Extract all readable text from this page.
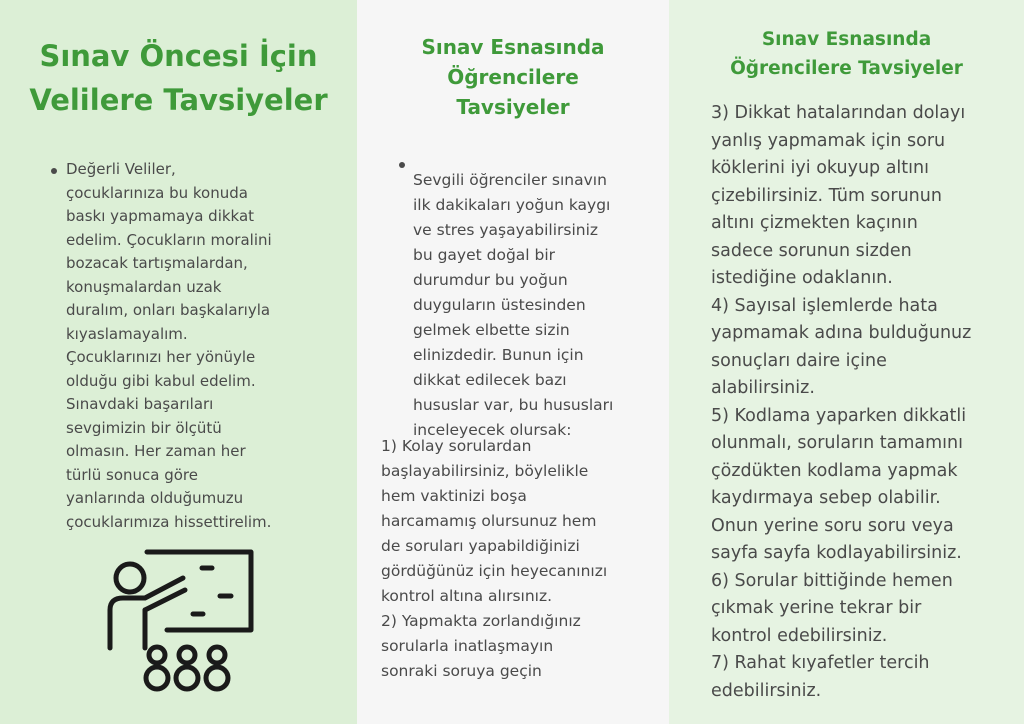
Sınav Öncesi İçin
Velilere Tavsiyeler

Değerli Veliler,
çocuklarınıza bu konuda
baskı yapmamaya dikkat
edelim. Çocukların moralini
bozacak tartışmalardan,
konuşmalardan uzak
duralım, onları başkalarıyla
kıyaslamayalım.
Çocuklarınızı her yönüyle
olduğu gibi kabul edelim.
Sınavdaki başarıları
sevgimizin bir ölçütü
olmasın. Her zaman her
türlü sonuca göre
yanlarında olduğumuzu
çocuklarımıza hissettirelim.

Sınav Esnasında
Öğrencilere
Tavsiyeler

Sevgili öğrenciler sınavın
ilk dakikaları yoğun kaygı
ve stres yaşayabilirsiniz
bu gayet doğal bir
durumdur bu yoğun
duyguların üstesinden
gelmek elbette sizin
elinizdedir. Bunun için
dikkat edilecek bazı
hususlar var, bu hususları
inceleyecek olursak:

1) Kolay sorulardan
başlayabilirsiniz, böylelikle
hem vaktinizi boşa
harcamamış olursunuz hem
de soruları yapabildiğinizi
gördüğünüz için heyecanınızı
kontrol altına alırsınız.
2) Yapmakta zorlandığınız
sorularla inatlaşmayın
sonraki soruya geçin

Sınav Esnasında
Öğrencilere Tavsiyeler

3) Dikkat hatalarından dolayı
yanlış yapmamak için soru
köklerini iyi okuyup altını
çizebilirsiniz. Tüm sorunun
altını çizmekten kaçının
sadece sorunun sizden
istediğine odaklanın.
4) Sayısal işlemlerde hata
yapmamak adına bulduğunuz
sonuçları daire içine
alabilirsiniz.
5) Kodlama yaparken dikkatli
olunmalı, soruların tamamını
çözdükten kodlama yapmak
kaydırmaya sebep olabilir.
Onun yerine soru soru veya
sayfa sayfa kodlayabilirsiniz.
6) Sorular bittiğinde hemen
çıkmak yerine tekrar bir
kontrol edebilirsiniz.
7) Rahat kıyafetler tercih
edebilirsiniz.
